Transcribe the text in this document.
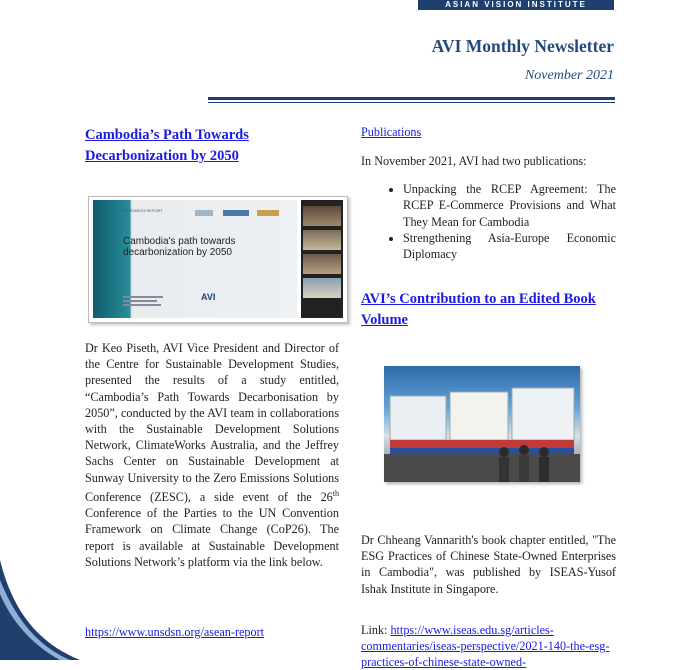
ASIAN VISION INSTITUTE
AVI Monthly Newsletter
November 2021
Cambodia’s Path Towards Decarbonization by 2050
RESEARCH REPORT
Cambodia's path towards decarbonization by 2050
AVI
Dr Keo Piseth, AVI Vice President and Director of the Centre for Sustainable Development Studies, presented the results of a study entitled, “Cambodia’s Path Towards Decarbonisation by 2050”, conducted by the AVI team in collaborations with the Sustainable Development Solutions Network, ClimateWorks Australia, and the Jeffrey Sachs Center on Sustainable Development at Sunway University to the Zero Emissions Solutions Conference (ZESC), a side event of the 26th Conference of the Parties to the UN Convention Framework on Climate Change (CoP26). The report is available at Sustainable Development Solutions Network’s platform via the link below.
https://www.unsdsn.org/asean-report
Publications

In November 2021, AVI had two publications:

• Unpacking the RCEP Agreement: The RCEP E-Commerce Provisions and What They Mean for Cambodia
• Strengthening Asia-Europe Economic Diplomacy
AVI’s Contribution to an Edited Book Volume
Dr Chheang Vannarith's book chapter entitled, "The ESG Practices of Chinese State-Owned Enterprises in Cambodia", was published by ISEAS-Yusof Ishak Institute in Singapore.
Link: https://www.iseas.edu.sg/articles-commentaries/iseas-perspective/2021-140-the-esg-practices-of-chinese-state-owned-
